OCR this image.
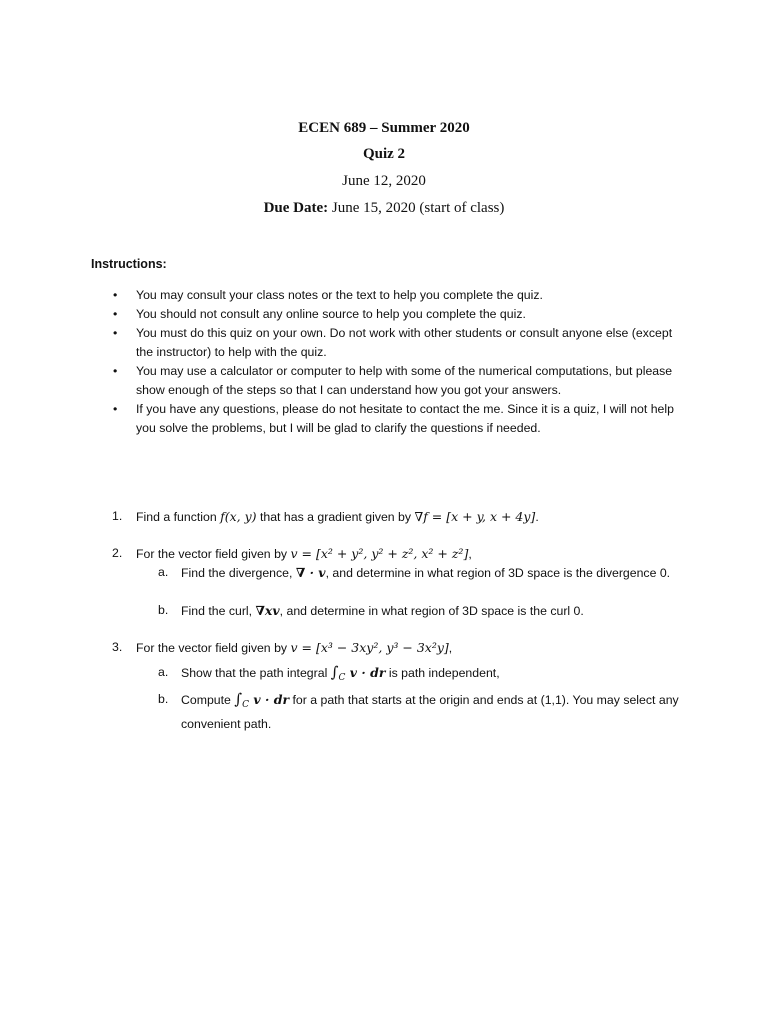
ECEN 689 – Summer 2020
Quiz 2
June 12, 2020
Due Date: June 15, 2020 (start of class)
Instructions:
• You may consult your class notes or the text to help you complete the quiz.
• You should not consult any online source to help you complete the quiz.
• You must do this quiz on your own. Do not work with other students or consult anyone else (except the instructor) to help with the quiz.
• You may use a calculator or computer to help with some of the numerical computations, but please show enough of the steps so that I can understand how you got your answers.
• If you have any questions, please do not hesitate to contact the me. Since it is a quiz, I will not help you solve the problems, but I will be glad to clarify the questions if needed.
1. Find a function f(x, y) that has a gradient given by ∇f = [x + y, x + 4y].
2. For the vector field given by v = [x² + y², y² + z², x² + z²],
a. Find the divergence, ∇ · v, and determine in what region of 3D space is the divergence 0.
b. Find the curl, ∇xv, and determine in what region of 3D space is the curl 0.
3. For the vector field given by v = [x³ − 3xy², y³ − 3x²y],
a. Show that the path integral $\int_C$ v · dr is path independent,
b. Compute $\int_C$ v · dr for a path that starts at the origin and ends at (1,1). You may select any convenient path.
